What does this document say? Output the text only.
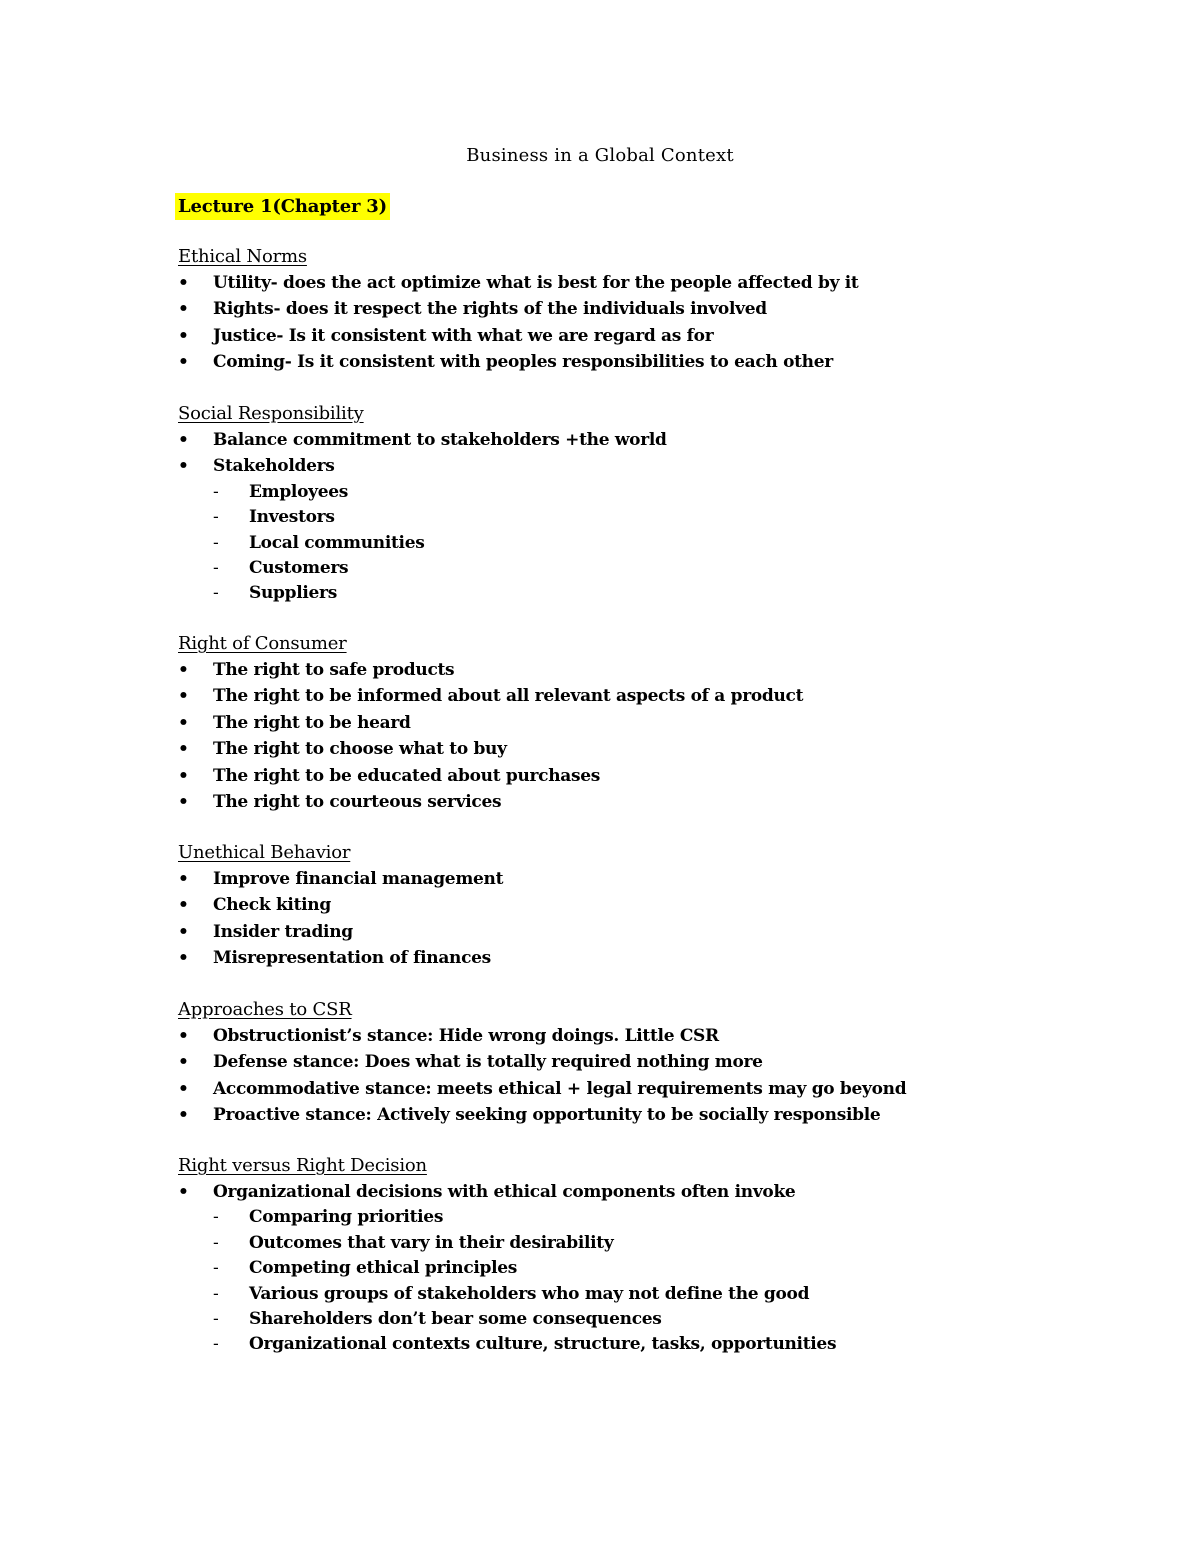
Business in a Global Context
Lecture 1(Chapter 3)
Ethical Norms
•	Utility- does the act optimize what is best for the people affected by it
•	Rights- does it respect the rights of the individuals involved
•	Justice- Is it consistent with what we are regard as for
•	Coming- Is it consistent with peoples responsibilities to each other
Social Responsibility
•	Balance commitment to stakeholders +the world
•	Stakeholders
-	Employees
-	Investors
-	Local communities
-	Customers
-	Suppliers
Right of Consumer
•	The right to safe products
•	The right to be informed about all relevant aspects of a product
•	The right to be heard
•	The right to choose what to buy
•	The right to be educated about purchases
•	The right to courteous services
Unethical Behavior
•	Improve financial management
•	Check kiting
•	Insider trading
•	Misrepresentation of finances
Approaches to CSR
•	Obstructionist’s stance: Hide wrong doings. Little CSR
•	Defense stance: Does what is totally required nothing more
•	Accommodative stance: meets ethical + legal requirements may go beyond
•	Proactive stance: Actively seeking opportunity to be socially responsible
Right versus Right Decision
•	Organizational decisions with ethical components often invoke
-	Comparing priorities
-	Outcomes that vary in their desirability
-	Competing ethical principles
-	Various groups of stakeholders who may not define the good
-	Shareholders don’t bear some consequences
-	Organizational contexts culture, structure, tasks, opportunities
